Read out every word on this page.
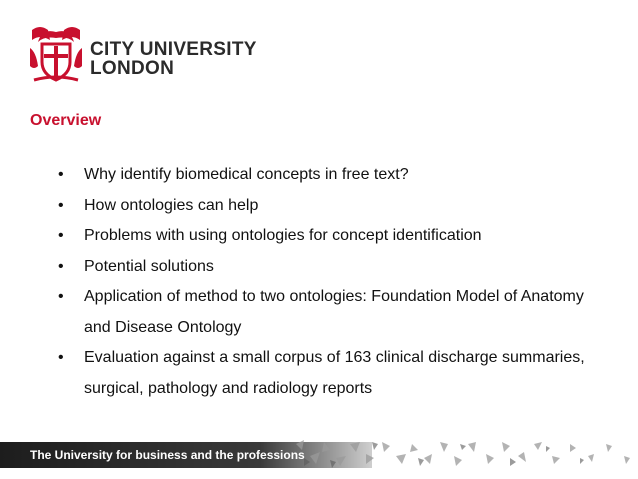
CITY UNIVERSITY
LONDON
Overview
• Why identify biomedical concepts in free text?
• How ontologies can help
• Problems with using ontologies for concept identification
• Potential solutions
• Application of method to two ontologies: Foundation Model of Anatomy and Disease Ontology
• Evaluation against a small corpus of 163 clinical discharge summaries, surgical, pathology and radiology reports
The University for business and the professions
